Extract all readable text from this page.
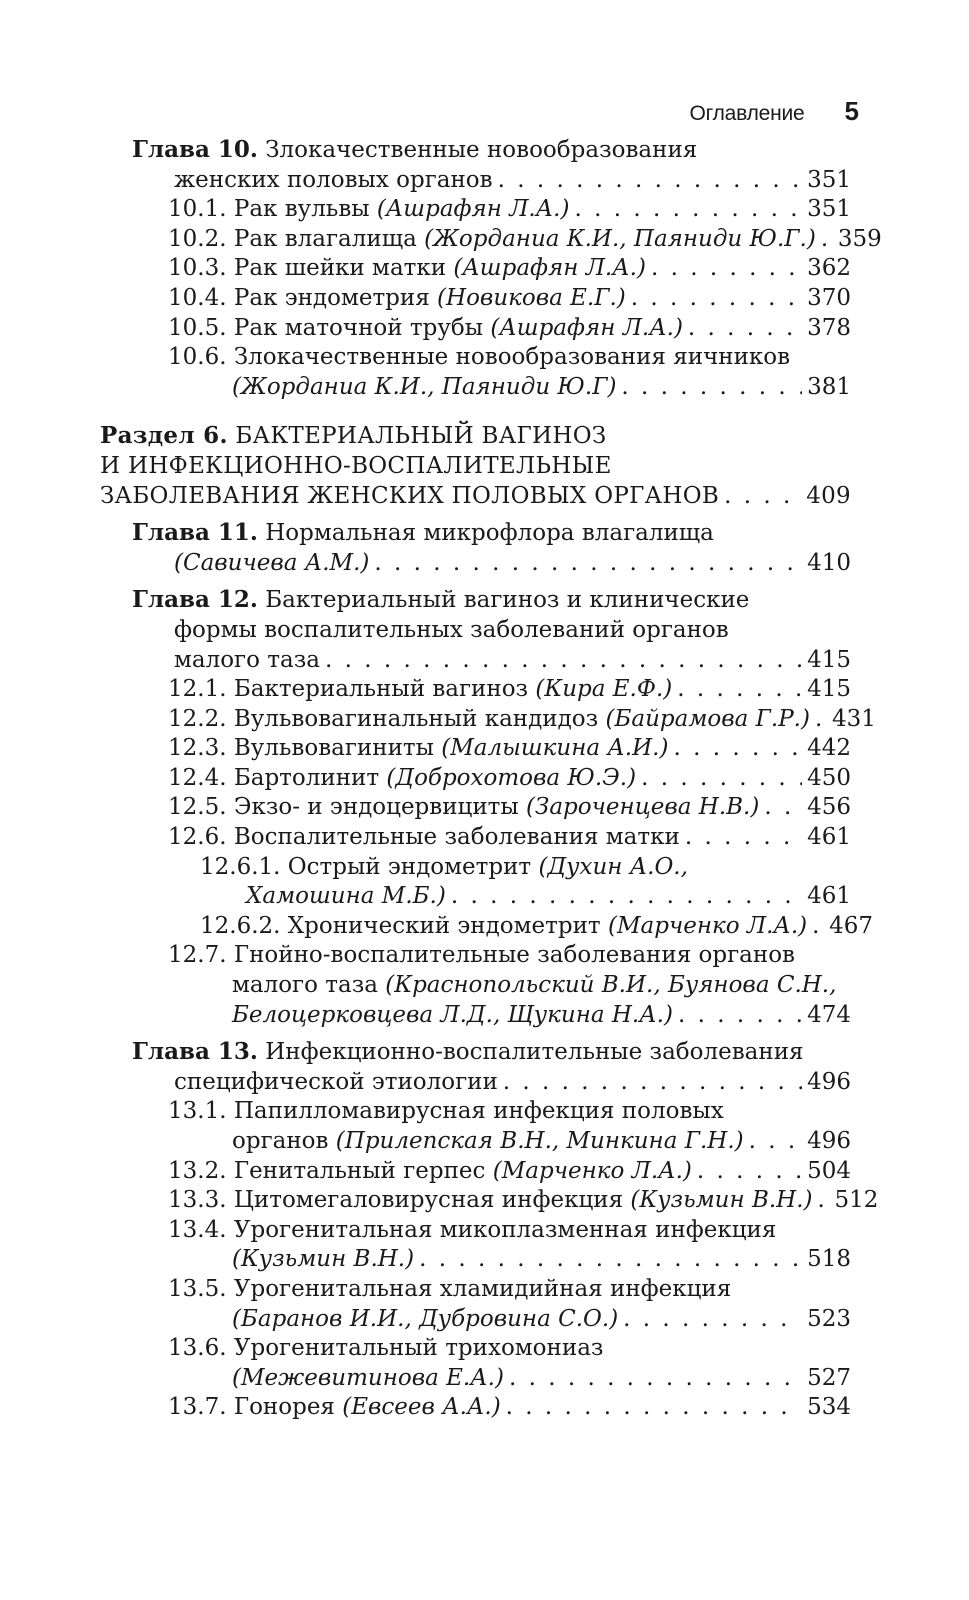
Оглавление 5
Глава 10. Злокачественные новообразования
женских половых органов . . .	351
10.1. Рак вульвы (Ашрафян Л.А.) . . .	351
10.2. Рак влагалища (Жорданиа К.И., Паяниди Ю.Г.) . . . 359
10.3. Рак шейки матки (Ашрафян Л.А.) . . .	362
10.4. Рак эндометрия (Новикова Е.Г.) . . .	370
10.5. Рак маточной трубы (Ашрафян Л.А.) . . .	378
10.6. Злокачественные новообразования яичников
(Жорданиа К.И., Паяниди Ю.Г) . . .	381
Раздел 6. БАКТЕРИАЛЬНЫЙ ВАГИНОЗ
И ИНФЕКЦИОННО-ВОСПАЛИТЕЛЬНЫЕ
ЗАБОЛЕВАНИЯ ЖЕНСКИХ ПОЛОВЫХ ОРГАНОВ . . .	409
Глава 11. Нормальная микрофлора влагалища
(Савичева А.М.) . . .	410
Глава 12. Бактериальный вагиноз и клинические
формы воспалительных заболеваний органов
малого таза . . .	415
12.1. Бактериальный вагиноз (Кира Е.Ф.) . . .	415
12.2. Вульвовагинальный кандидоз (Байрамова Г.Р.) . . . 431
12.3. Вульвовагиниты (Малышкина А.И.) . . .	442
12.4. Бартолинит (Доброхотова Ю.Э.) . . .	450
12.5. Экзо- и эндоцервициты (Зароченцева Н.В.) . . . 456
12.6. Воспалительные заболевания матки . . .	461
12.6.1. Острый эндометрит (Духин А.О.,
Хамошина М.Б.) . . .	461
12.6.2. Хронический эндометрит (Марченко Л.А.) . . . 467
12.7. Гнойно-воспалительные заболевания органов
малого таза (Краснопольский В.И., Буянова С.Н.,
Белоцерковцева Л.Д., Щукина Н.А.) . . .	474
Глава 13. Инфекционно-воспалительные заболевания
специфической этиологии . . .	496
13.1. Папилломавирусная инфекция половых
органов (Прилепская В.Н., Минкина Г.Н.) . . .	496
13.2. Генитальный герпес (Марченко Л.А.) . . .	504
13.3. Цитомегаловирусная инфекция (Кузьмин В.Н.) . . . 512
13.4. Урогенитальная микоплазменная инфекция
(Кузьмин В.Н.) . . .	518
13.5. Урогенитальная хламидийная инфекция
(Баранов И.И., Дубровина С.О.) . . .	523
13.6. Урогенитальный трихомониаз
(Межевитинова Е.А.) . . .	527
13.7. Гонорея (Евсеев А.А.) . . .	534
